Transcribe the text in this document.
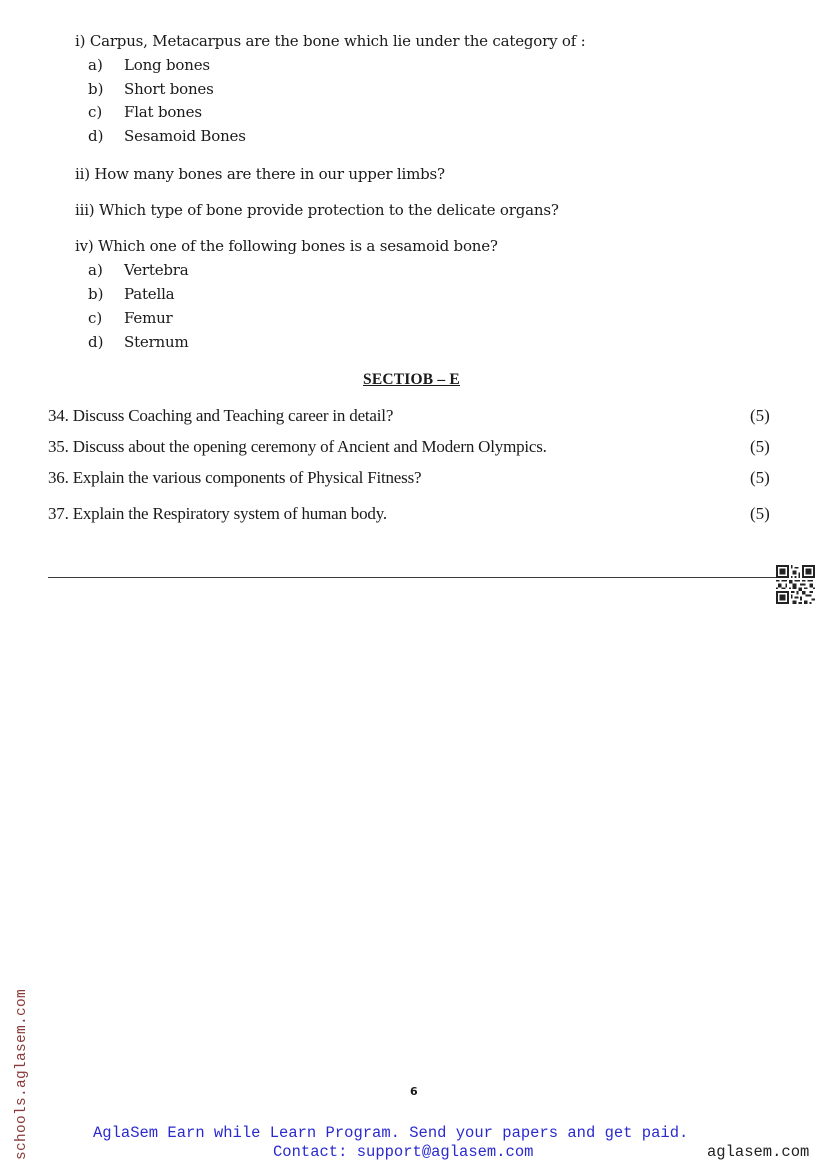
i) Carpus, Metacarpus are the bone which lie under the category of :
a) Long bones
b) Short bones
c) Flat bones
d) Sesamoid Bones
ii) How many bones are there in our upper limbs?
iii) Which type of bone provide protection to the delicate organs?
iv) Which one of the following bones is a sesamoid bone?
a) Vertebra
b) Patella
c) Femur
d) Sternum
SECTIOB – E
34. Discuss Coaching and Teaching career in detail?	(5)
35. Discuss about the opening ceremony of Ancient and Modern Olympics.	(5)
36. Explain the various components of Physical Fitness?	(5)
37. Explain the Respiratory system of human body.	(5)
schools.aglasem.com	6
AglaSem Earn while Learn Program. Send your papers and get paid.
Contact: support@aglasem.com	aglasem.com
